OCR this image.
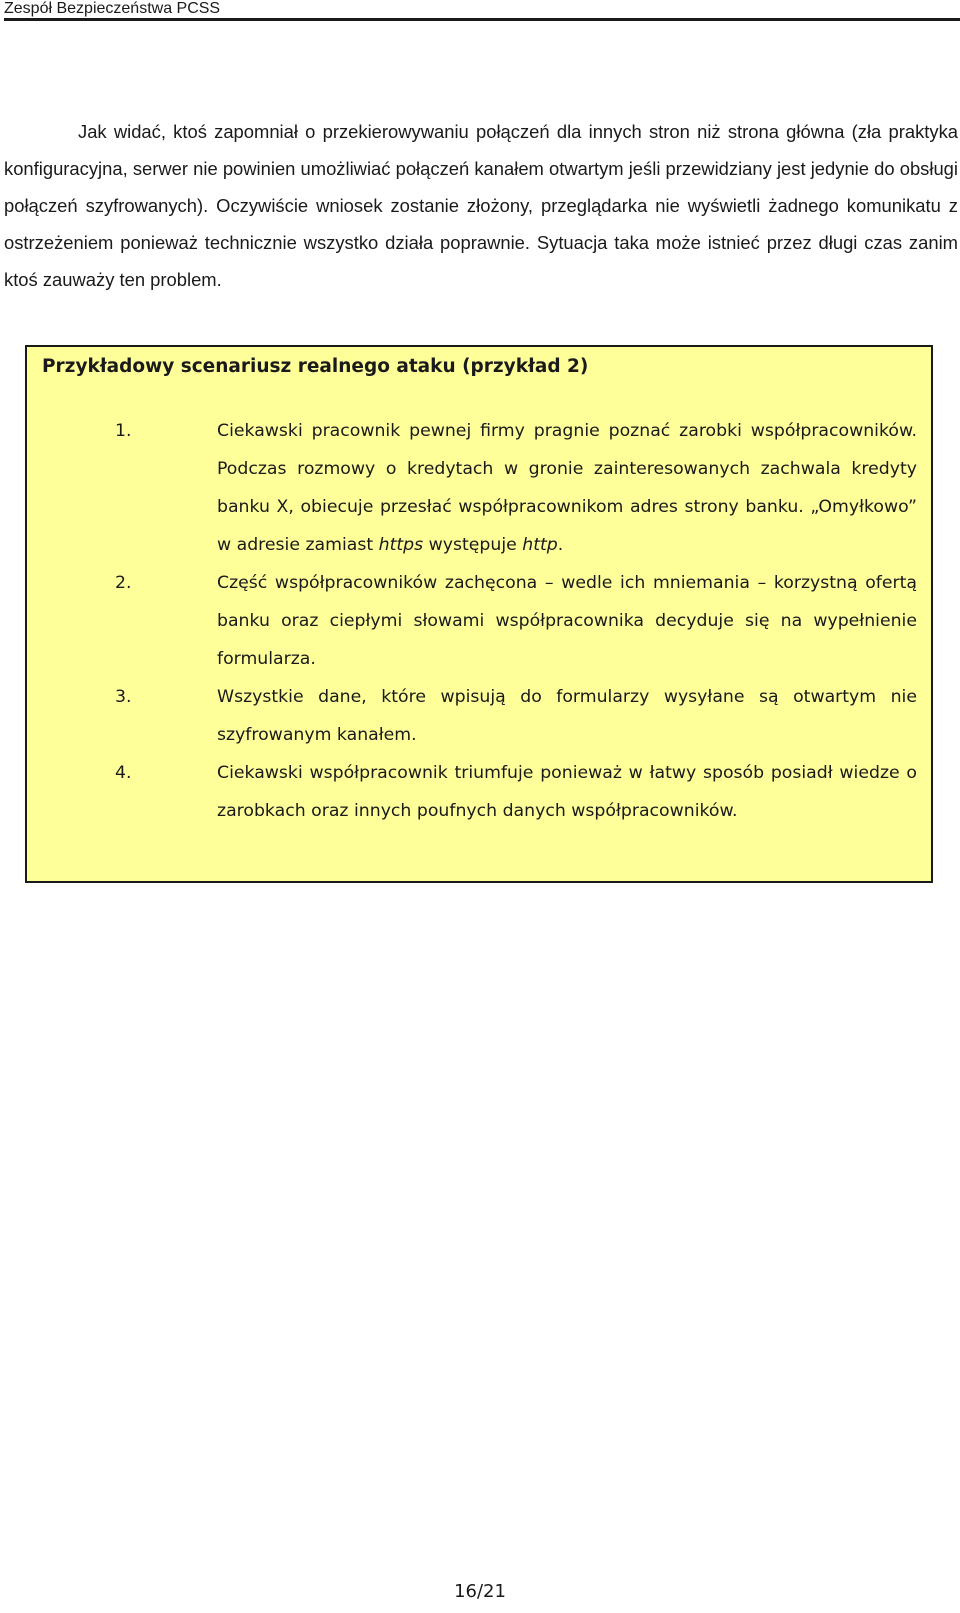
Zespół Bezpieczeństwa PCSS

Jak widać, ktoś zapomniał o przekierowywaniu połączeń dla innych stron niż strona główna (zła praktyka konfiguracyjna, serwer nie powinien umożliwiać połączeń kanałem otwartym jeśli przewidziany jest jedynie do obsługi połączeń szyfrowanych). Oczywiście wniosek zostanie złożony, przeglądarka nie wyświetli żadnego komunikatu z ostrzeżeniem ponieważ technicznie wszystko działa poprawnie. Sytuacja taka może istnieć przez długi czas zanim ktoś zauważy ten problem.

Przykładowy scenariusz realnego ataku (przykład 2)
1.	Ciekawski pracownik pewnej firmy pragnie poznać zarobki współpracowników. Podczas rozmowy o kredytach w gronie zainteresowanych zachwala kredyty banku X, obiecuje przesłać współpracownikom adres strony banku. „Omyłkowo” w adresie zamiast https występuje http.
2.	Część współpracowników zachęcona – wedle ich mniemania – korzystną ofertą banku oraz ciepłymi słowami współpracownika decyduje się na wypełnienie formularza.
3.	Wszystkie dane, które wpisują do formularzy wysyłane są otwartym nie szyfrowanym kanałem.
4.	Ciekawski współpracownik triumfuje ponieważ w łatwy sposób posiadł wiedze o zarobkach oraz innych poufnych danych współpracowników.
16/21
